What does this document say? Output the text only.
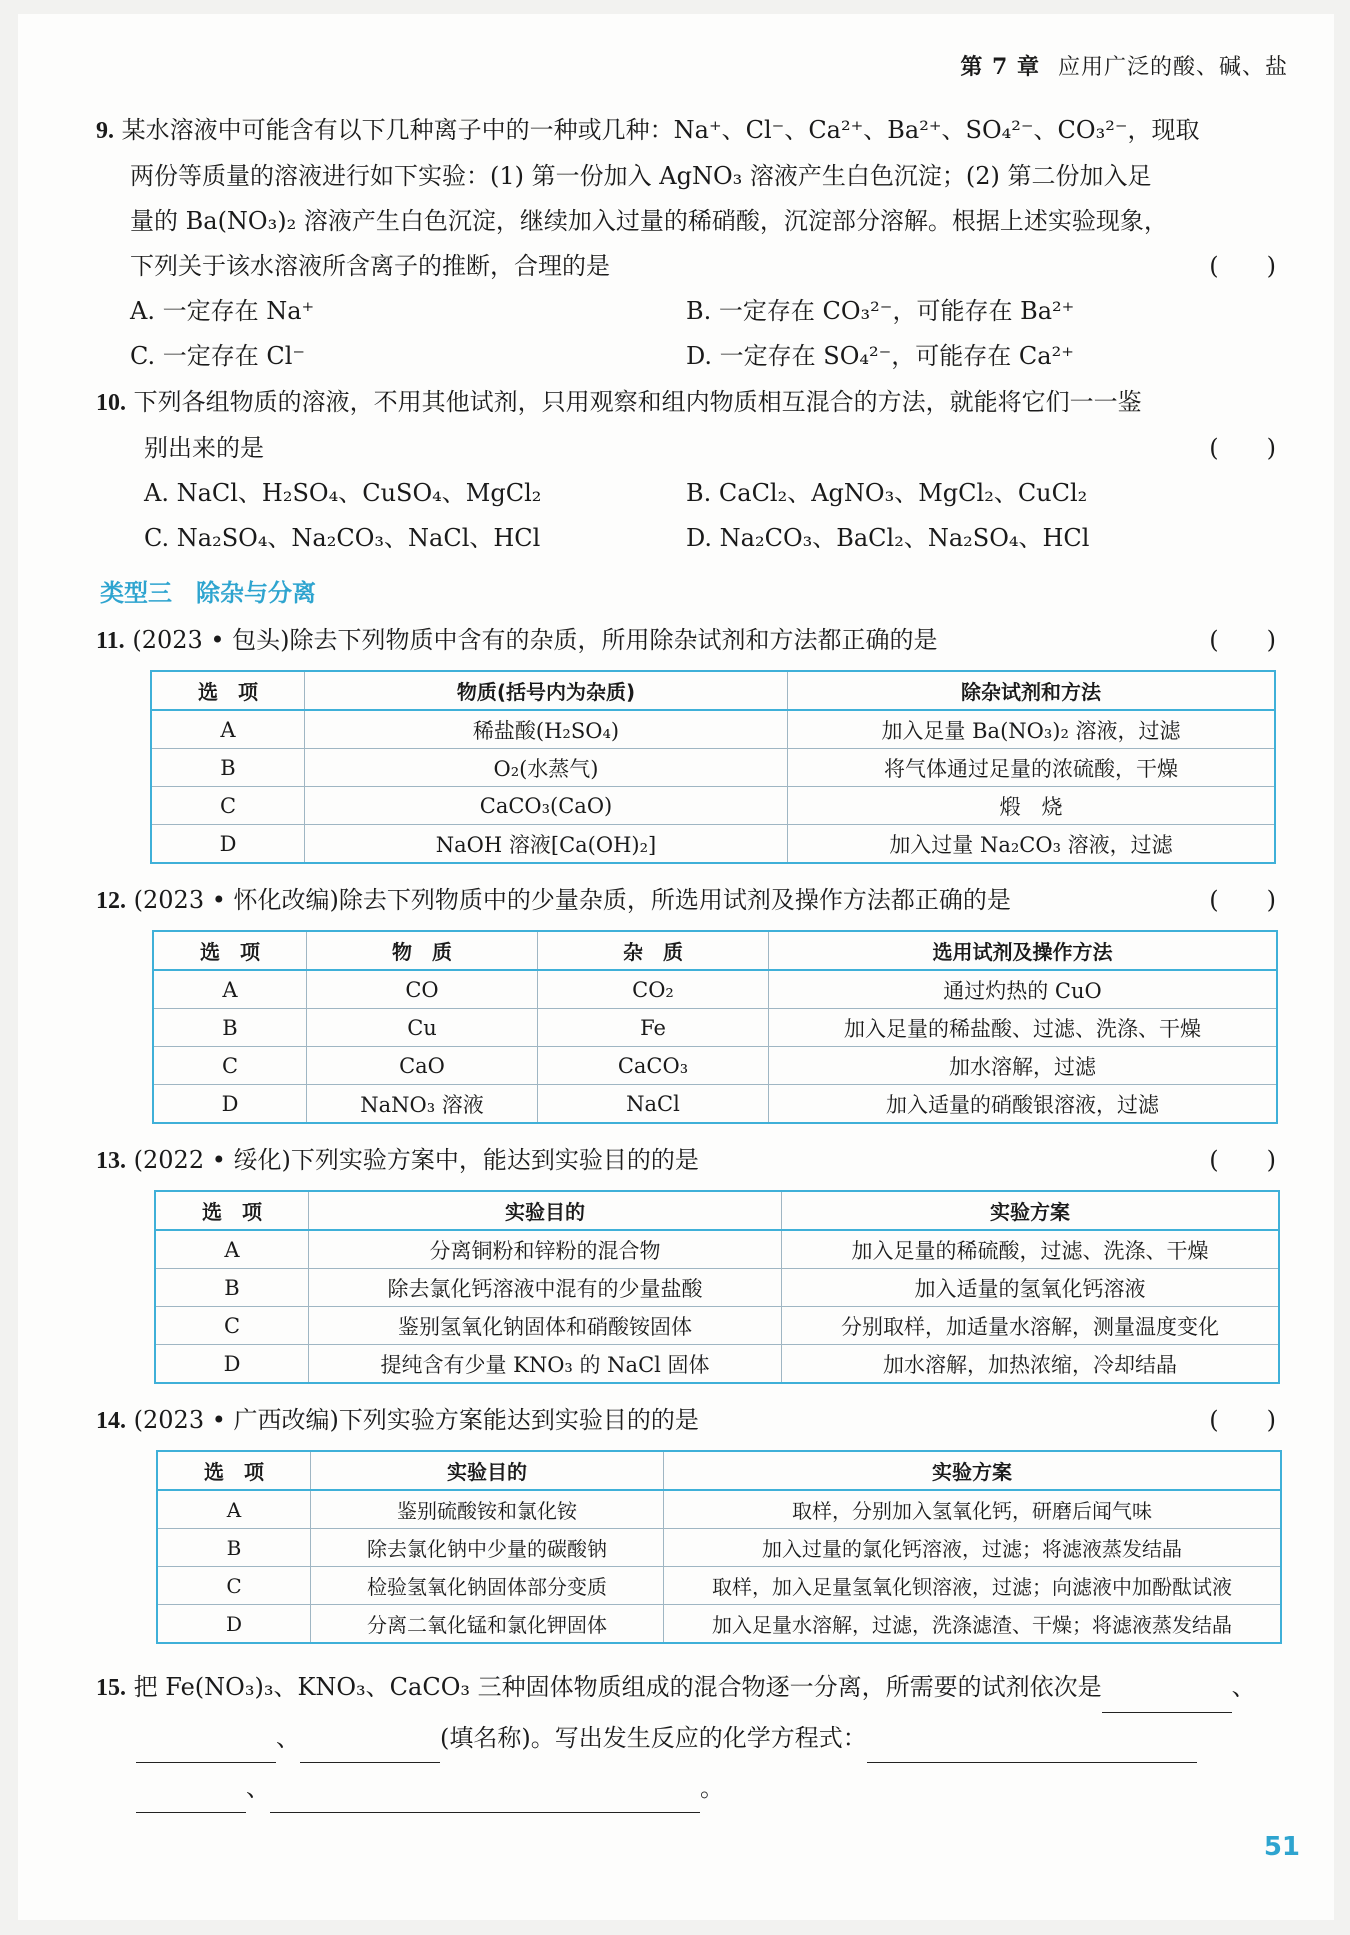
第 7 章 应用广泛的酸、碱、盐
9. 某水溶液中可能含有以下几种离子中的一种或几种：Na⁺、Cl⁻、Ca²⁺、Ba²⁺、SO₄²⁻、CO₃²⁻，现取
两份等质量的溶液进行如下实验：(1) 第一份加入 AgNO₃ 溶液产生白色沉淀；(2) 第二份加入足
量的 Ba(NO₃)₂ 溶液产生白色沉淀，继续加入过量的稀硝酸，沉淀部分溶解。根据上述实验现象，
下列关于该水溶液所含离子的推断，合理的是	(　　)
A. 一定存在 Na⁺	B. 一定存在 CO₃²⁻，可能存在 Ba²⁺
C. 一定存在 Cl⁻	D. 一定存在 SO₄²⁻，可能存在 Ca²⁺
10. 下列各组物质的溶液，不用其他试剂，只用观察和组内物质相互混合的方法，就能将它们一一鉴
别出来的是	(　　)
A. NaCl、H₂SO₄、CuSO₄、MgCl₂	B. CaCl₂、AgNO₃、MgCl₂、CuCl₂
C. Na₂SO₄、Na₂CO₃、NaCl、HCl	D. Na₂CO₃、BaCl₂、Na₂SO₄、HCl
类型三 除杂与分离
11. (2023 • 包头)除去下列物质中含有的杂质，所用除杂试剂和方法都正确的是	(　　)
选　项	物质(括号内为杂质)	除杂试剂和方法
A	稀盐酸(H₂SO₄)	加入足量 Ba(NO₃)₂ 溶液，过滤
B	O₂(水蒸气)	将气体通过足量的浓硫酸，干燥
C	CaCO₃(CaO)	煅　烧
D	NaOH 溶液[Ca(OH)₂]	加入过量 Na₂CO₃ 溶液，过滤
12. (2023 • 怀化改编)除去下列物质中的少量杂质，所选用试剂及操作方法都正确的是	(　　)
选　项	物　质	杂　质	选用试剂及操作方法
A	CO	CO₂	通过灼热的 CuO
B	Cu	Fe	加入足量的稀盐酸、过滤、洗涤、干燥
C	CaO	CaCO₃	加水溶解，过滤
D	NaNO₃ 溶液	NaCl	加入适量的硝酸银溶液，过滤
13. (2022 • 绥化)下列实验方案中，能达到实验目的的是	(　　)
选　项	实验目的	实验方案
A	分离铜粉和锌粉的混合物	加入足量的稀硫酸，过滤、洗涤、干燥
B	除去氯化钙溶液中混有的少量盐酸	加入适量的氢氧化钙溶液
C	鉴别氢氧化钠固体和硝酸铵固体	分别取样，加适量水溶解，测量温度变化
D	提纯含有少量 KNO₃ 的 NaCl 固体	加水溶解，加热浓缩，冷却结晶
14. (2023 • 广西改编)下列实验方案能达到实验目的的是	(　　)
选　项	实验目的	实验方案
A	鉴别硫酸铵和氯化铵	取样，分别加入氢氧化钙，研磨后闻气味
B	除去氯化钠中少量的碳酸钠	加入过量的氯化钙溶液，过滤；将滤液蒸发结晶
C	检验氢氧化钠固体部分变质	取样，加入足量氢氧化钡溶液，过滤；向滤液中加酚酞试液
D	分离二氧化锰和氯化钾固体	加入足量水溶解，过滤，洗涤滤渣、干燥；将滤液蒸发结晶
15. 把 Fe(NO₃)₃、KNO₃、CaCO₃ 三种固体物质组成的混合物逐一分离，所需要的试剂依次是	、
、	(填名称)。写出发生反应的化学方程式：
、	。
51
